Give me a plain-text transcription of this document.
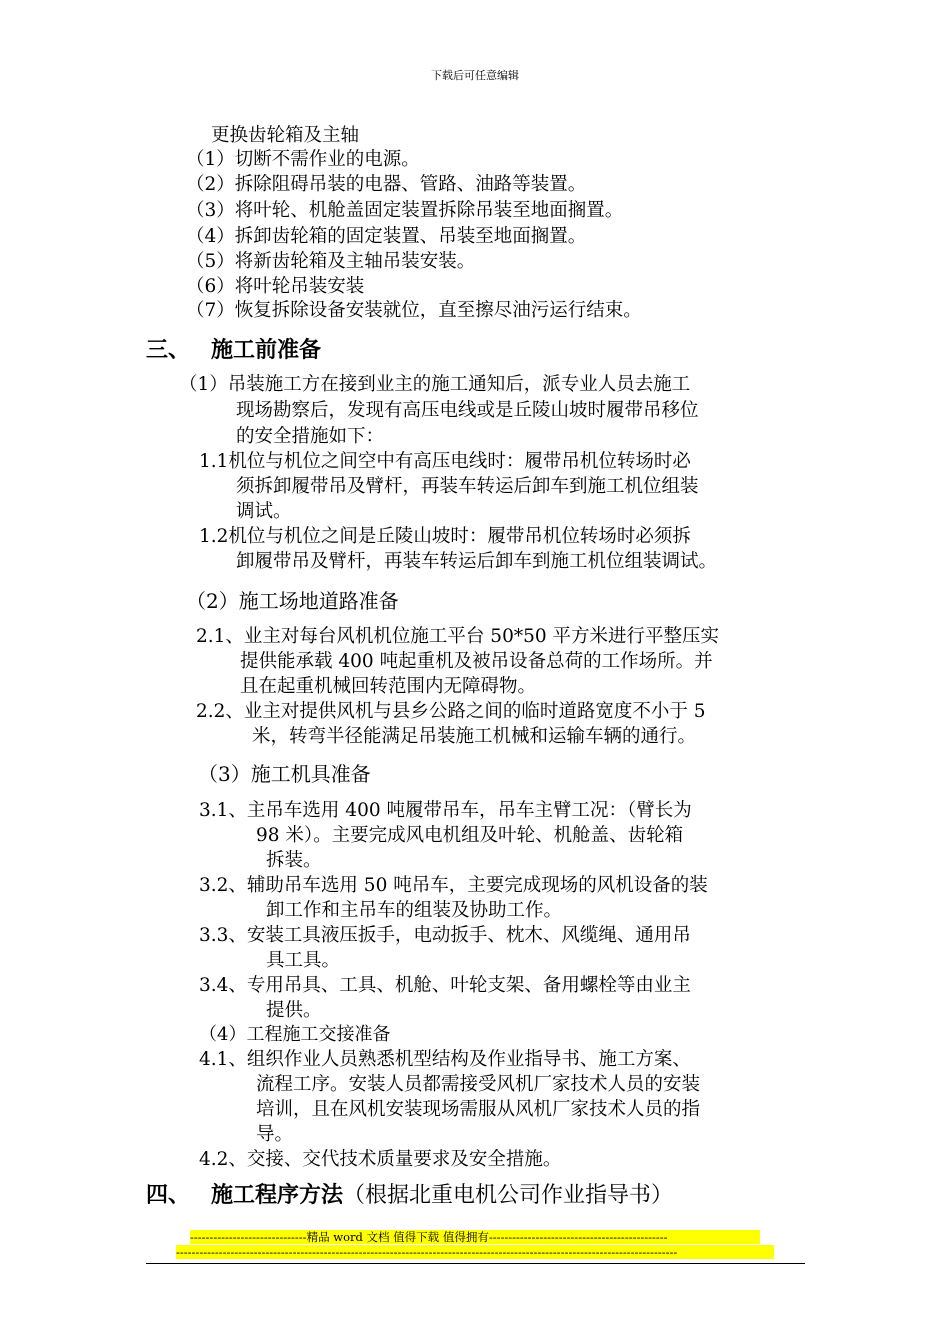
下载后可任意编辑
更换齿轮箱及主轴
（1）切断不需作业的电源。
（2）拆除阻碍吊装的电器、管路、油路等装置。
（3）将叶轮、机舱盖固定装置拆除吊装至地面搁置。
（4）拆卸齿轮箱的固定装置、吊装至地面搁置。
（5）将新齿轮箱及主轴吊装安装。
（6）将叶轮吊装安装
（7）恢复拆除设备安装就位，直至擦尽油污运行结束。
三、 施工前准备
（1）吊装施工方在接到业主的施工通知后，派专业人员去施工
现场勘察后，发现有高压电线或是丘陵山坡时履带吊移位
的安全措施如下：
1.1机位与机位之间空中有高压电线时：履带吊机位转场时必
须拆卸履带吊及臂杆，再装车转运后卸车到施工机位组装
调试。
1.2机位与机位之间是丘陵山坡时：履带吊机位转场时必须拆
卸履带吊及臂杆，再装车转运后卸车到施工机位组装调试。
（2）施工场地道路准备
2.1、业主对每台风机机位施工平台 50*50 平方米进行平整压实
提供能承载 400 吨起重机及被吊设备总荷的工作场所。并
且在起重机械回转范围内无障碍物。
2.2、业主对提供风机与县乡公路之间的临时道路宽度不小于 5
米，转弯半径能满足吊装施工机械和运输车辆的通行。
（3）施工机具准备
3.1、主吊车选用 400 吨履带吊车，吊车主臂工况：（臂长为
98 米）。主要完成风电机组及叶轮、机舱盖、齿轮箱
拆装。
3.2、辅助吊车选用 50 吨吊车，主要完成现场的风机设备的装
卸工作和主吊车的组装及协助工作。
3.3、安装工具液压扳手，电动扳手、枕木、风缆绳、通用吊
具工具。
3.4、专用吊具、工具、机舱、叶轮支架、备用螺栓等由业主
提供。
（4）工程施工交接准备
4.1、组织作业人员熟悉机型结构及作业指导书、施工方案、
流程工序。安装人员都需接受风机厂家技术人员的安装
培训，且在风机安装现场需服从风机厂家技术人员的指
导。
4.2、交接、交代技术质量要求及安全措施。
四、 施工程序方法（根据北重电机公司作业指导书）
------------------------------精品 word 文档 值得下载 值得拥有----------------------------------------------
---------------------------------------------------------------------------------------------------------------------------------
